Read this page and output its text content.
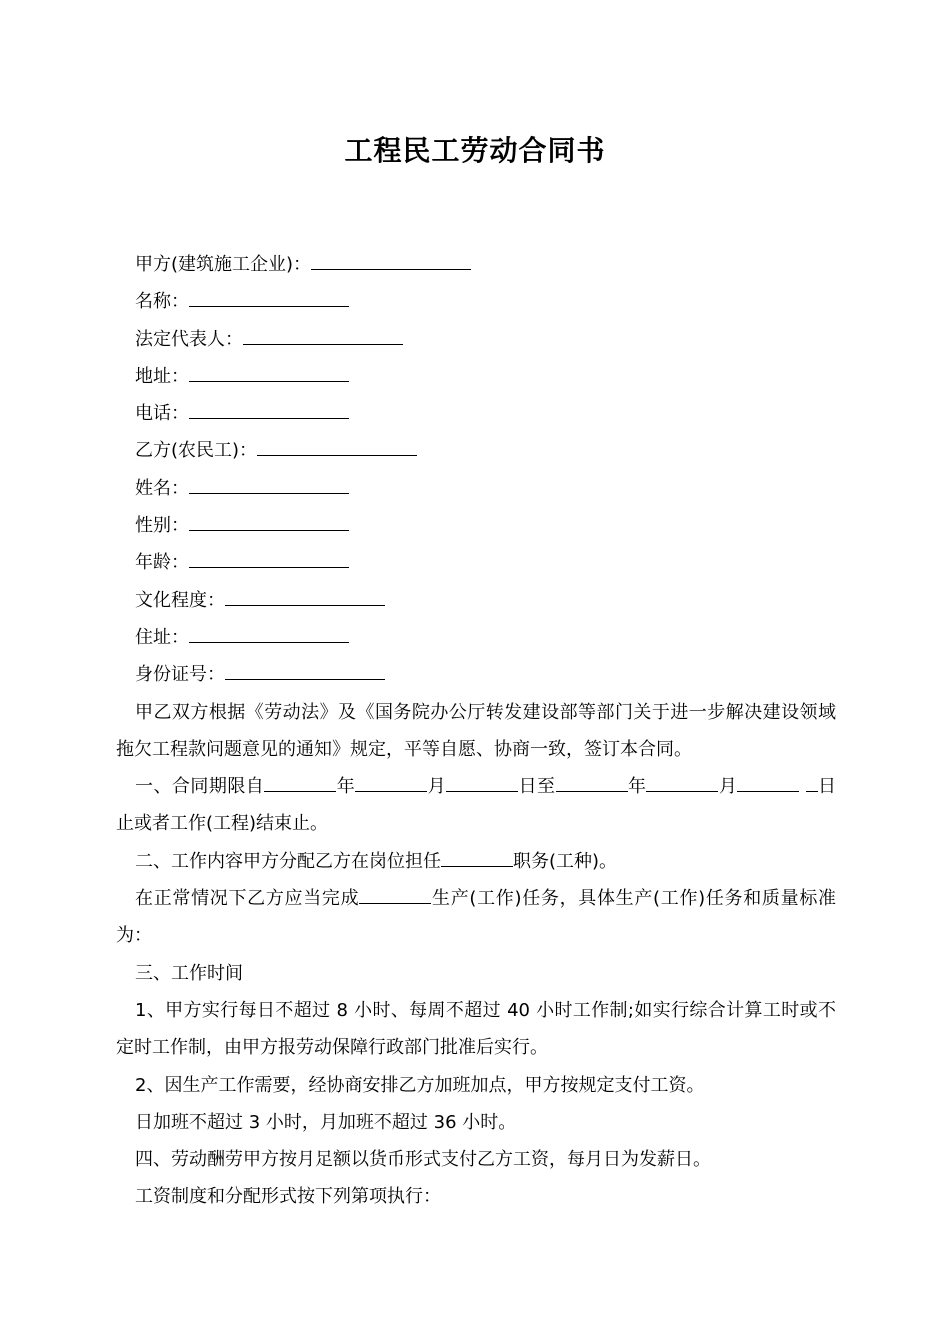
工程民工劳动合同书
甲方(建筑施工企业)：
名称：
法定代表人：
地址：
电话：
乙方(农民工)：
姓名：
性别：
年龄：
文化程度：
住址：
身份证号：
甲乙双方根据《劳动法》及《国务院办公厅转发建设部等部门关于进一步解决建设领域拖欠工程款问题意见的通知》规定，平等自愿、协商一致，签订本合同。
一、合同期限自	年	月	日至	年	月	日止或者工作(工程)结束止。
二、工作内容甲方分配乙方在岗位担任	职务(工种)。
在正常情况下乙方应当完成	生产(工作)任务，具体生产(工作)任务和质量标准为：
三、工作时间
1、甲方实行每日不超过 8 小时、每周不超过 40 小时工作制;如实行综合计算工时或不定时工作制，由甲方报劳动保障行政部门批准后实行。
2、因生产工作需要，经协商安排乙方加班加点，甲方按规定支付工资。
日加班不超过 3 小时，月加班不超过 36 小时。
四、劳动酬劳甲方按月足额以货币形式支付乙方工资，每月日为发薪日。
工资制度和分配形式按下列第项执行：
